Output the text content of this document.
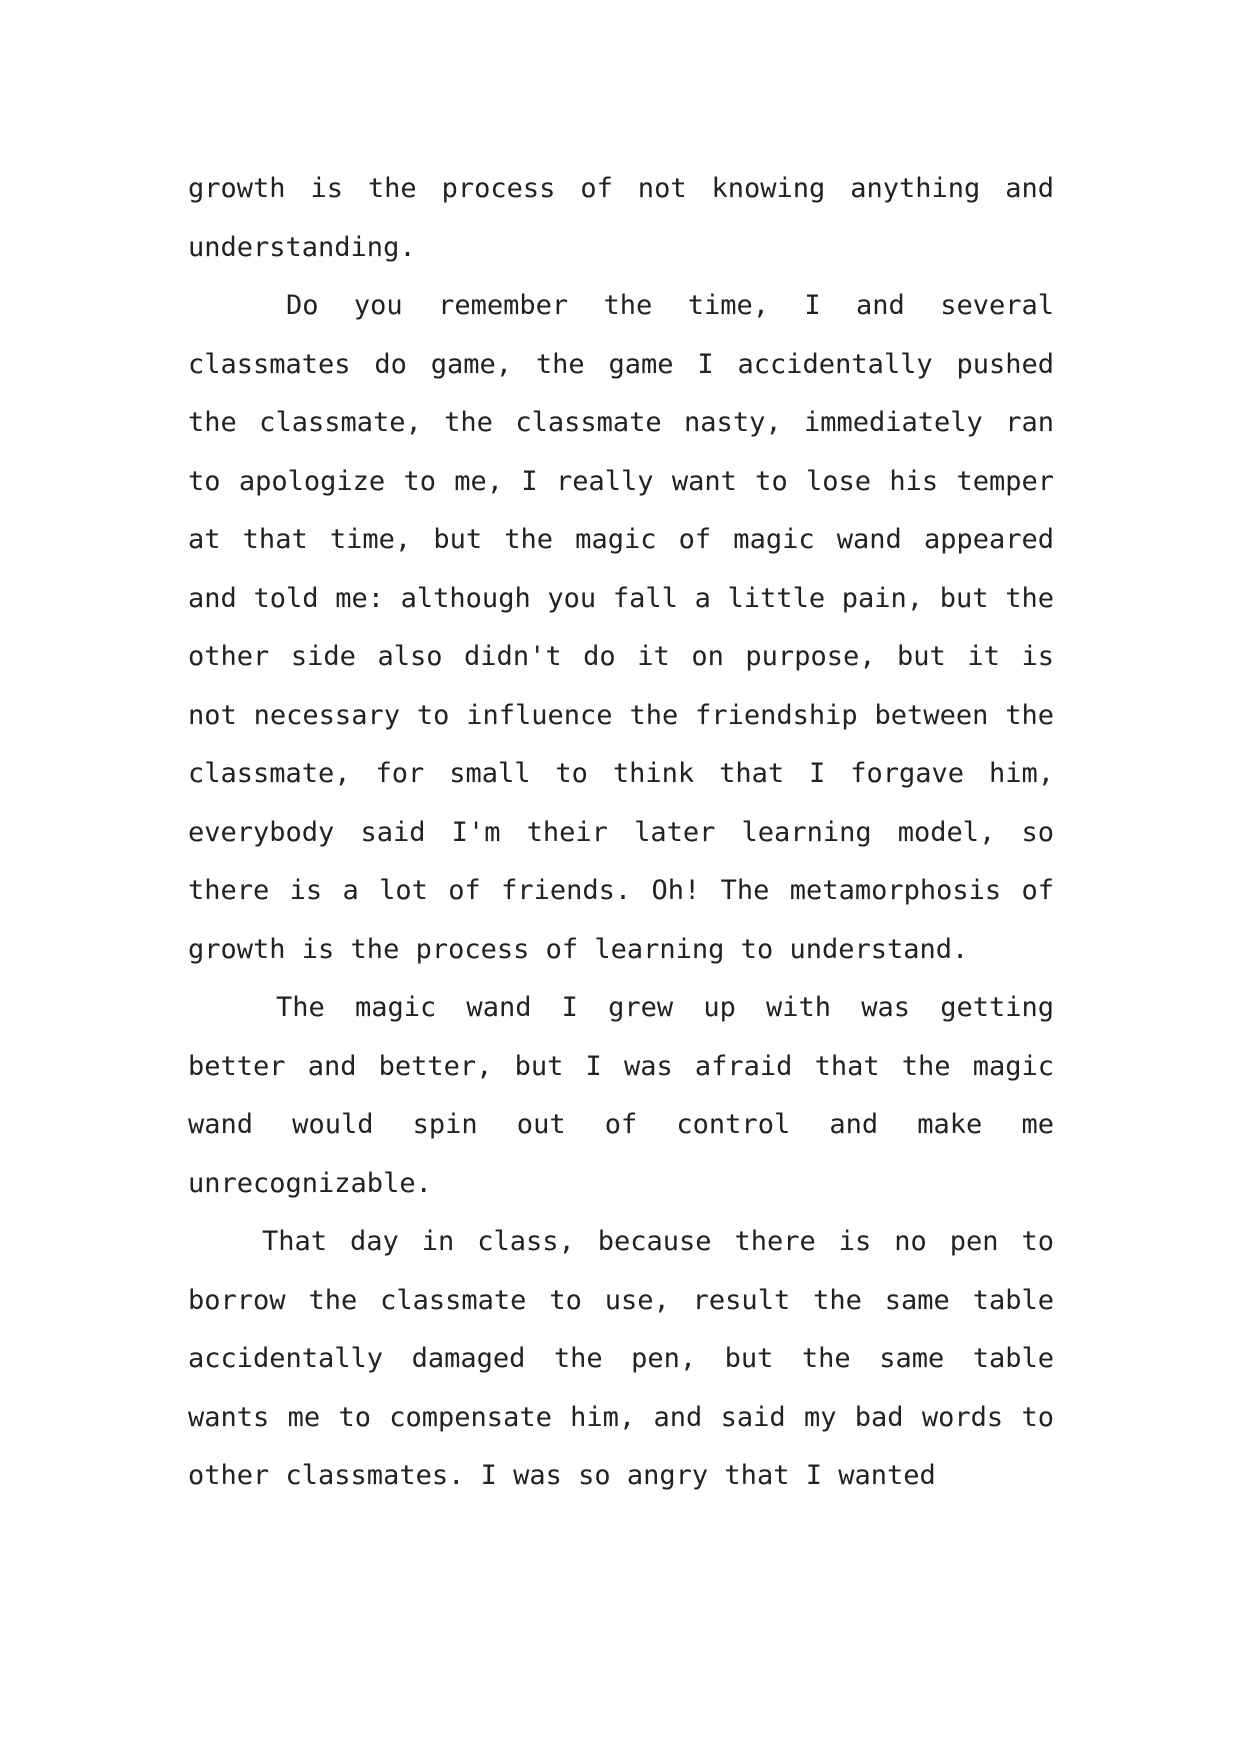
growth is the process of not knowing anything and understanding.

Do you remember the time, I and several classmates do game, the game I accidentally pushed the classmate, the classmate nasty, immediately ran to apologize to me, I really want to lose his temper at that time, but the magic of magic wand appeared and told me: although you fall a little pain, but the other side also didn't do it on purpose, but it is not necessary to influence the friendship between the classmate, for small to think that I forgave him, everybody said I'm their later learning model, so there is a lot of friends. Oh! The metamorphosis of growth is the process of learning to understand.

The magic wand I grew up with was getting better and better, but I was afraid that the magic wand would spin out of control and make me unrecognizable.

That day in class, because there is no pen to borrow the classmate to use, result the same table accidentally damaged the pen, but the same table wants me to compensate him, and said my bad words to other classmates. I was so angry that I wanted
